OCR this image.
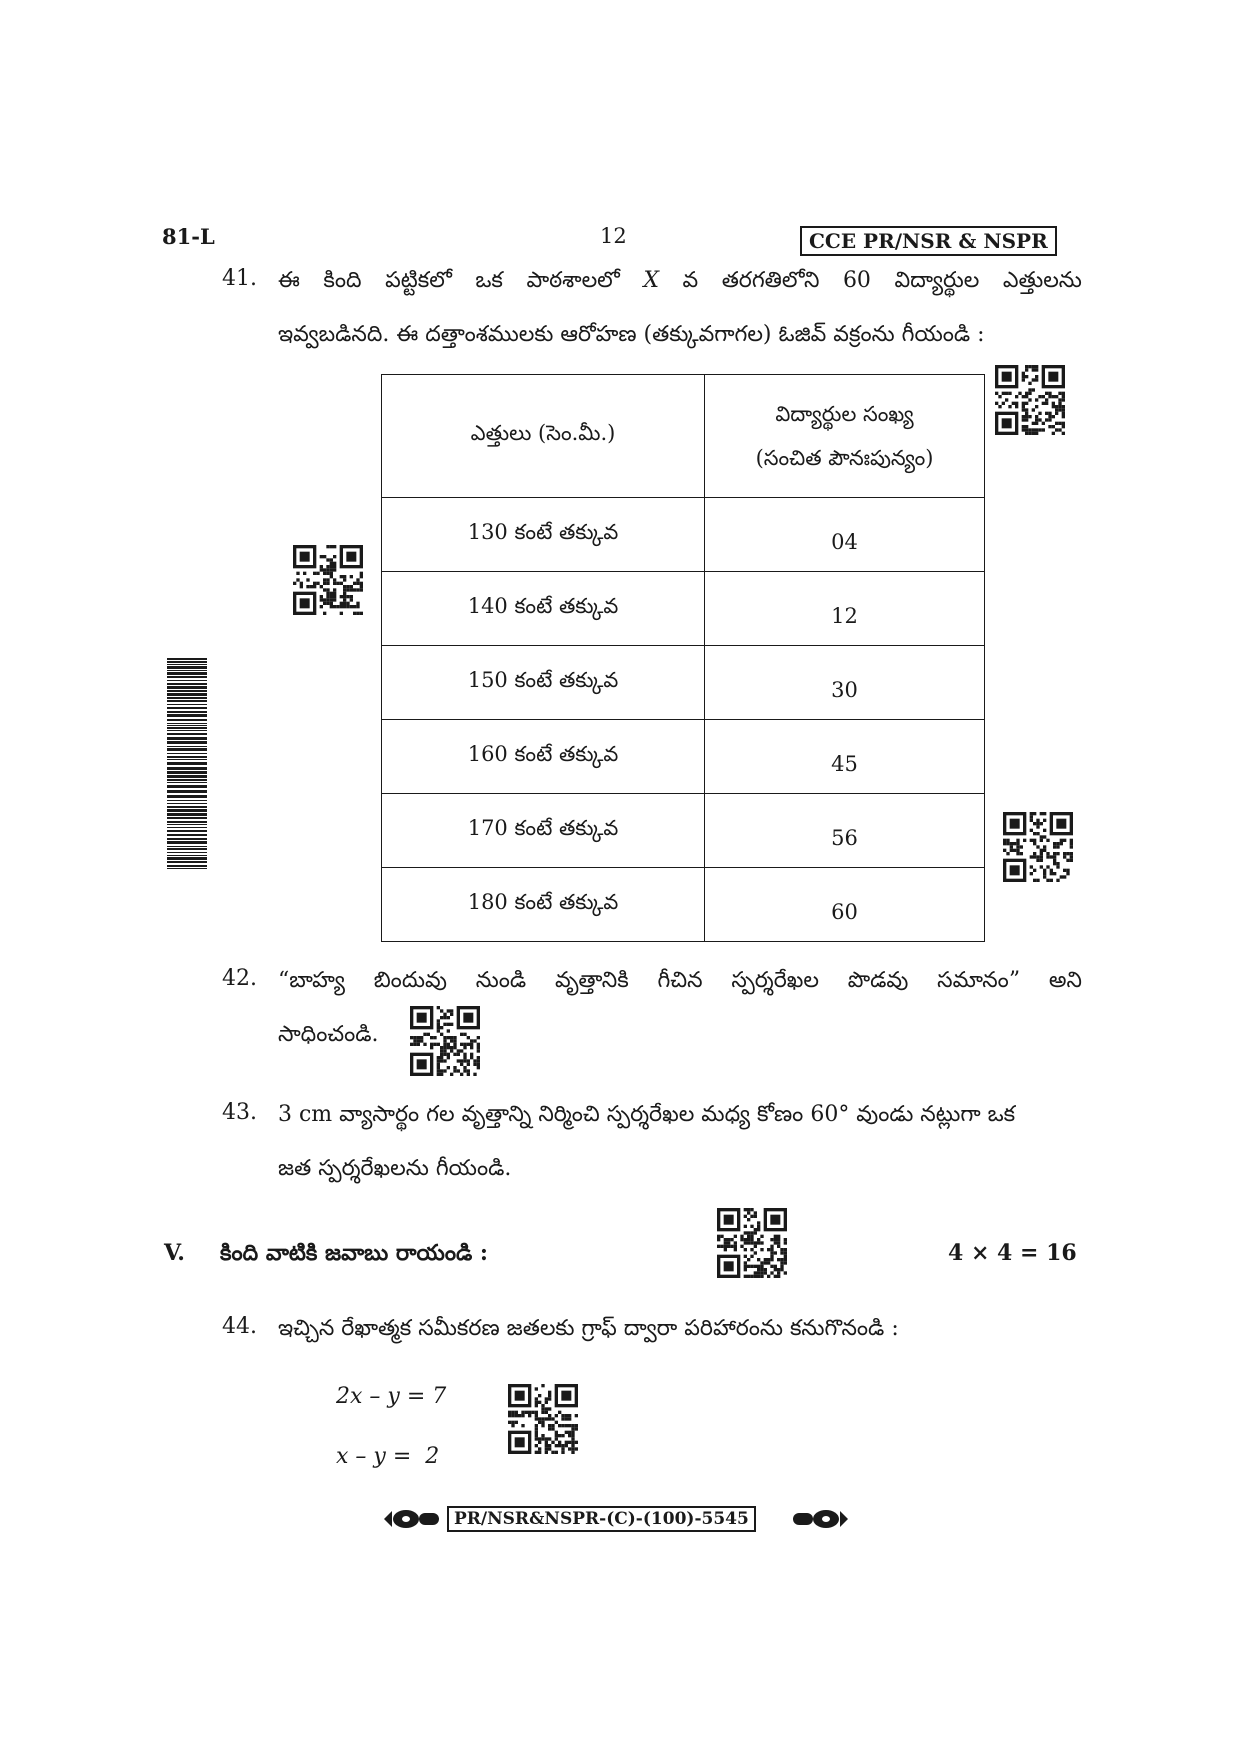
81-L	12	CCE PR/NSR & NSPR
41. ఈ కింది పట్టికలో ఒక పాఠశాలలో X వ తరగతిలోని 60 విద్యార్థుల ఎత్తులను
ఇవ్వబడినది. ఈ దత్తాంశములకు ఆరోహణ (తక్కువగాగల) ఓజివ్ వక్రంను గీయండి :
ఎత్తులు (సెం.మీ.)	విద్యార్థుల సంఖ్య
(సంచిత పౌనఃపున్యం)

130 కంటే తక్కువ	04

140 కంటే తక్కువ	12

150 కంటే తక్కువ	30

160 కంటే తక్కువ	45

170 కంటే తక్కువ	56

180 కంటే తక్కువ	60
42. “బాహ్య బిందువు నుండి వృత్తానికి గీచిన స్పర్శరేఖల పొడవు సమానం” అని
సాధించండి.
43. 3 cm వ్యాసార్థం గల వృత్తాన్ని నిర్మించి స్పర్శరేఖల మధ్య కోణం 60° వుండు నట్లుగా ఒక
జత స్పర్శరేఖలను గీయండి.
V. కింది వాటికి జవాబు రాయండి :	4 × 4 = 16
44. ఇచ్చిన రేఖాత్మక సమీకరణ జతలకు గ్రాఫ్ ద్వారా పరిహారంను కనుగొనండి :
2x – y = 7
x – y =  2
PR/NSR&NSPR-(C)-(100)-5545
